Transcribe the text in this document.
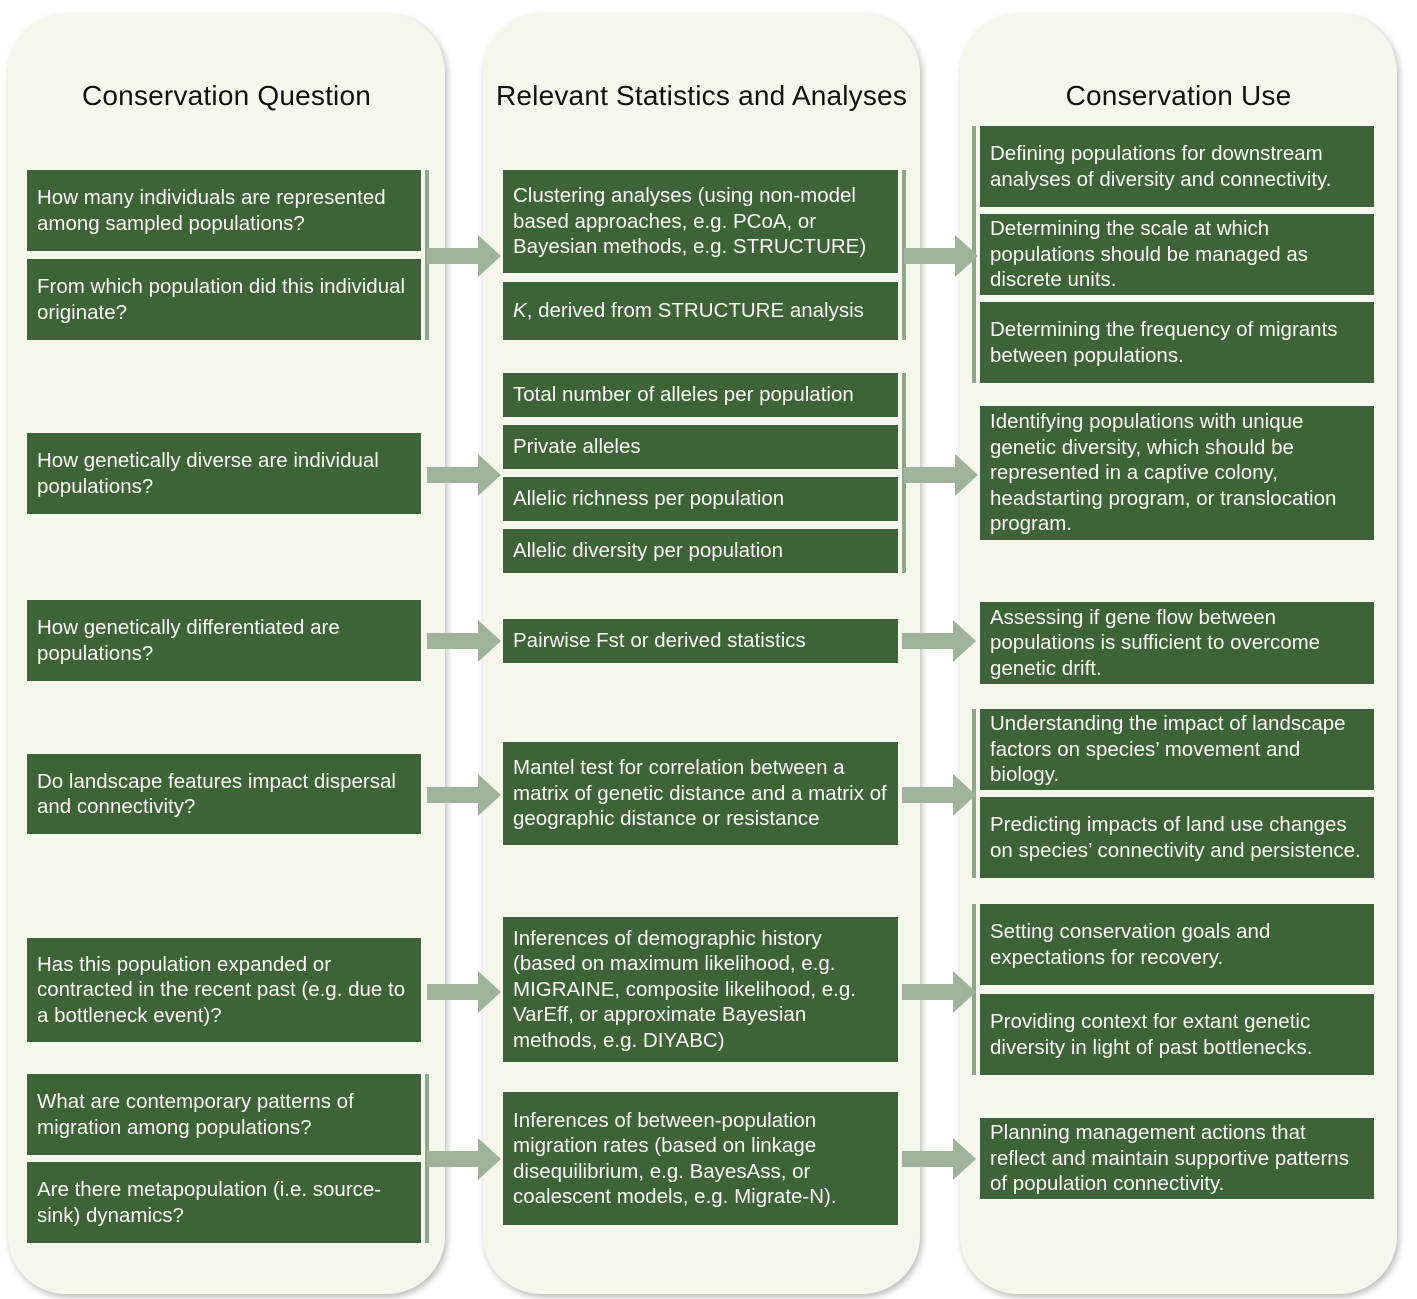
Conservation Question	Relevant Statistics and Analyses	Conservation Use
How many individuals are represented among sampled populations?
From which population did this individual originate?
How genetically diverse are individual populations?
How genetically differentiated are populations?
Do landscape features impact dispersal and connectivity?
Has this population expanded or contracted in the recent past (e.g. due to a bottleneck event)?
What are contemporary patterns of migration among populations?
Are there metapopulation (i.e. source-sink) dynamics?
Clustering analyses (using non-model based approaches, e.g. PCoA, or Bayesian methods, e.g. STRUCTURE)
K, derived from STRUCTURE analysis
Total number of alleles per population
Private alleles
Allelic richness per population
Allelic diversity per population
Pairwise Fst or derived statistics
Mantel test for correlation between a matrix of genetic distance and a matrix of geographic distance or resistance
Inferences of demographic history (based on maximum likelihood, e.g. MIGRAINE, composite likelihood, e.g. VarEff, or approximate Bayesian methods, e.g. DIYABC)
Inferences of between-population migration rates (based on linkage disequilibrium, e.g. BayesAss, or coalescent models, e.g. Migrate-N).
Defining populations for downstream analyses of diversity and connectivity.
Determining the scale at which populations should be managed as discrete units.
Determining the frequency of migrants between populations.
Identifying populations with unique genetic diversity, which should be represented in a captive colony, headstarting program, or translocation program.
Assessing if gene flow between populations is sufficient to overcome genetic drift.
Understanding the impact of landscape factors on species’ movement and biology.
Predicting impacts of land use changes on species’ connectivity and persistence.
Setting conservation goals and expectations for recovery.
Providing context for extant genetic diversity in light of past bottlenecks.
Planning management actions that reflect and maintain supportive patterns of population connectivity.
